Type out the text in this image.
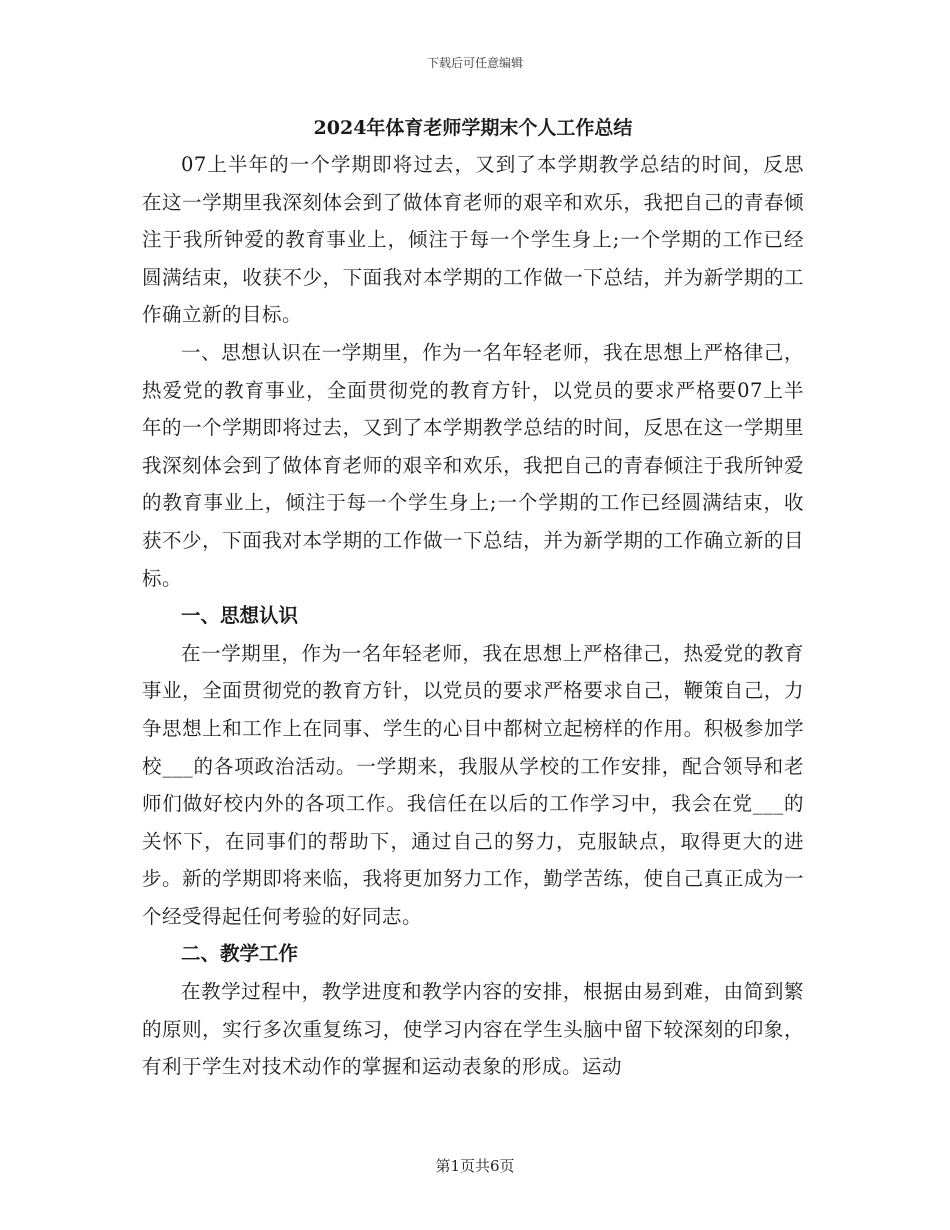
下载后可任意编辑
2024年体育老师学期末个人工作总结

07上半年的一个学期即将过去，又到了本学期教学总结的时间，反思在这一学期里我深刻体会到了做体育老师的艰辛和欢乐，我把自己的青春倾注于我所钟爱的教育事业上，倾注于每一个学生身上;一个学期的工作已经圆满结束，收获不少，下面我对本学期的工作做一下总结，并为新学期的工作确立新的目标。

一、思想认识在一学期里，作为一名年轻老师，我在思想上严格律己，热爱党的教育事业，全面贯彻党的教育方针，以党员的要求严格要07上半年的一个学期即将过去，又到了本学期教学总结的时间，反思在这一学期里我深刻体会到了做体育老师的艰辛和欢乐，我把自己的青春倾注于我所钟爱的教育事业上，倾注于每一个学生身上;一个学期的工作已经圆满结束，收获不少，下面我对本学期的工作做一下总结，并为新学期的工作确立新的目标。

一、思想认识

在一学期里，作为一名年轻老师，我在思想上严格律己，热爱党的教育事业，全面贯彻党的教育方针，以党员的要求严格要求自己，鞭策自己，力争思想上和工作上在同事、学生的心目中都树立起榜样的作用。积极参加学校___的各项政治活动。一学期来，我服从学校的工作安排，配合领导和老师们做好校内外的各项工作。我信任在以后的工作学习中，我会在党___的关怀下，在同事们的帮助下，通过自己的努力，克服缺点，取得更大的进步。新的学期即将来临，我将更加努力工作，勤学苦练，使自己真正成为一个经受得起任何考验的好同志。

二、教学工作

在教学过程中，教学进度和教学内容的安排，根据由易到难，由简到繁的原则，实行多次重复练习，使学习内容在学生头脑中留下较深刻的印象，有利于学生对技术动作的掌握和运动表象的形成。运动

第1页共6页
